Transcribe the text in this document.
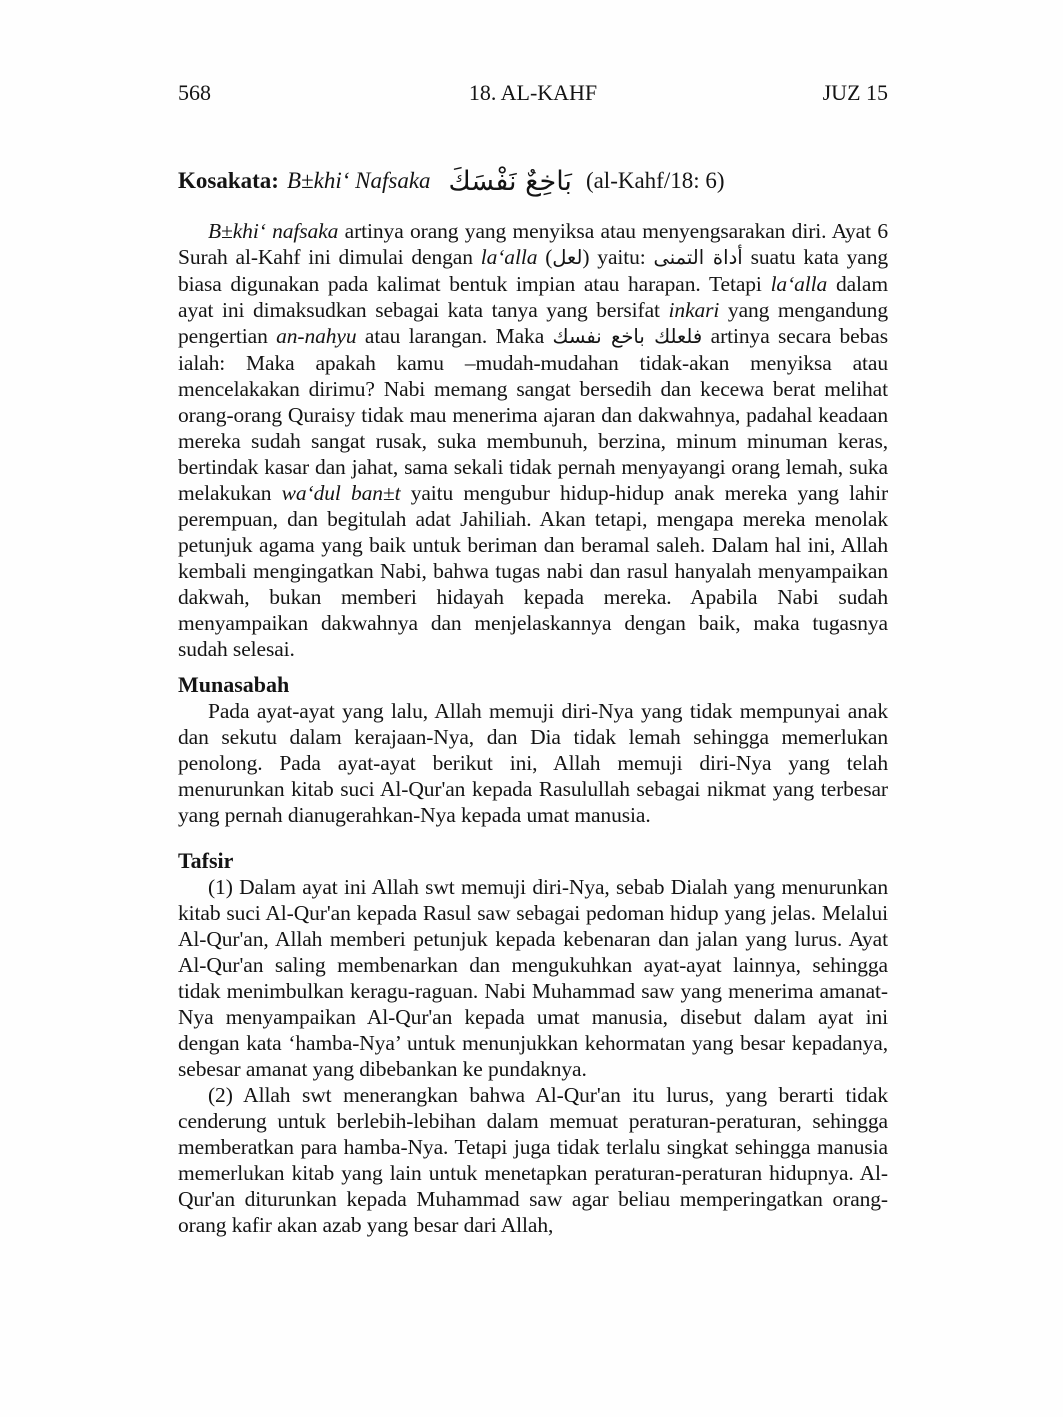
568	18. AL-KAHF	JUZ 15
Kosakata: B±khi‘ Nafsaka بَاخِعٌ نَفْسَكَ (al-Kahf/18: 6)

B±khi‘ nafsaka artinya orang yang menyiksa atau menyengsarakan diri. Ayat 6 Surah al-Kahf ini dimulai dengan la‘alla (لعل) yaitu: أداة التمنى suatu kata yang biasa digunakan pada kalimat bentuk impian atau harapan. Tetapi la‘alla dalam ayat ini dimaksudkan sebagai kata tanya yang bersifat inkari yang mengandung pengertian an-nahyu atau larangan. Maka فلعلك باخع نفسك artinya secara bebas ialah: Maka apakah kamu –mudah-mudahan tidak-akan menyiksa atau mencelakakan dirimu? Nabi memang sangat bersedih dan kecewa berat melihat orang-orang Quraisy tidak mau menerima ajaran dan dakwahnya, padahal keadaan mereka sudah sangat rusak, suka membunuh, berzina, minum minuman keras, bertindak kasar dan jahat, sama sekali tidak pernah menyayangi orang lemah, suka melakukan wa‘dul ban±t yaitu mengubur hidup-hidup anak mereka yang lahir perempuan, dan begitulah adat Jahiliah. Akan tetapi, mengapa mereka menolak petunjuk agama yang baik untuk beriman dan beramal saleh. Dalam hal ini, Allah kembali mengingatkan Nabi, bahwa tugas nabi dan rasul hanyalah menyampaikan dakwah, bukan memberi hidayah kepada mereka. Apabila Nabi sudah menyampaikan dakwahnya dan menjelaskannya dengan baik, maka tugasnya sudah selesai.

Munasabah

Pada ayat-ayat yang lalu, Allah memuji diri-Nya yang tidak mempunyai anak dan sekutu dalam kerajaan-Nya, dan Dia tidak lemah sehingga memerlukan penolong. Pada ayat-ayat berikut ini, Allah memuji diri-Nya yang telah menurunkan kitab suci Al-Qur'an kepada Rasulullah sebagai nikmat yang terbesar yang pernah dianugerahkan-Nya kepada umat manusia.

Tafsir

(1) Dalam ayat ini Allah swt memuji diri-Nya, sebab Dialah yang menurunkan kitab suci Al-Qur'an kepada Rasul saw sebagai pedoman hidup yang jelas. Melalui Al-Qur'an, Allah memberi petunjuk kepada kebenaran dan jalan yang lurus. Ayat Al-Qur'an saling membenarkan dan mengukuhkan ayat-ayat lainnya, sehingga tidak menimbulkan keragu-raguan. Nabi Muhammad saw yang menerima amanat-Nya menyampaikan Al-Qur'an kepada umat manusia, disebut dalam ayat ini dengan kata ‘hamba-Nya’ untuk menunjukkan kehormatan yang besar kepadanya, sebesar amanat yang dibebankan ke pundaknya.

(2) Allah swt menerangkan bahwa Al-Qur'an itu lurus, yang berarti tidak cenderung untuk berlebih-lebihan dalam memuat peraturan-peraturan, sehingga memberatkan para hamba-Nya. Tetapi juga tidak terlalu singkat sehingga manusia memerlukan kitab yang lain untuk menetapkan peraturan-peraturan hidupnya. Al-Qur'an diturunkan kepada Muhammad saw agar beliau memperingatkan orang-orang kafir akan azab yang besar dari Allah,
